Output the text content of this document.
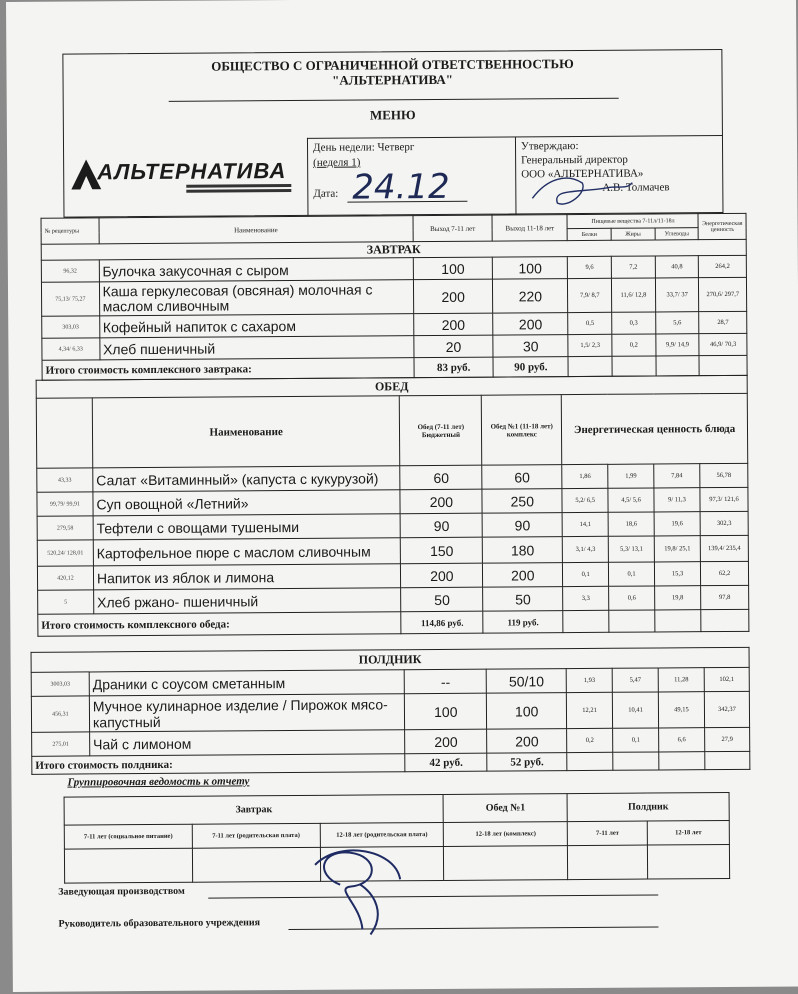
ОБЩЕСТВО С ОГРАНИЧЕННОЙ ОТВЕТСТВЕННОСТЬЮ
"АЛЬТЕРНАТИВА"
МЕНЮ
АЛЬТЕРНАТИВА
День недели: Четверг
(неделя 1)
Дата: 24.12
Утверждаю:
Генеральный директор
ООО «АЛЬТЕРНАТИВА»
А.В. Толмачев
№ рецептуры	Наименование	Выход 7-11 лет	Выход 11-18 лет	Пищевые вещества 7-11л/11-18л			Энергетическая ценность
				Белки	Жиры	Углеводы	
ЗАВТРАК							
96,32	Булочка закусочная с сыром	100	100	9,6	7,2	40,8	264,2
75,13/ 75,27	Каша геркулесовая (овсяная) молочная с маслом сливочным	200	220	7,9/ 8,7	11,6/ 12,8	33,7/ 37	270,6/ 297,7
303,03	Кофейный напиток с сахаром	200	200	0,5	0,3	5,6	28,7
4,34/ 6,33	Хлеб пшеничный	20	30	1,5/ 2,3	0,2	9,9/ 14,9	46,9/ 70,3
Итого стоимость комплексного завтрака:		83 руб.	90 руб.				
ОБЕД							
	Наименование	Обед (7-11 лет) Бюджетный	Обед №1 (11-18 лет) комплекс	Энергетическая ценность блюда			
43,33	Салат «Витаминный» (капуста с кукурузой)	60	60	1,86	1,99	7,84	56,78
99,79/ 99,91	Суп овощной «Летний»	200	250	5,2/ 6,5	4,5/ 5,6	9/ 11,3	97,3/ 121,6
279,58	Тефтели с овощами тушеными	90	90	14,1	18,6	19,6	302,3
520,24/ 128,01	Картофельное пюре с маслом сливочным	150	180	3,1/ 4,3	5,3/ 13,1	19,8/ 25,1	139,4/ 235,4
420,12	Напиток из яблок и лимона	200	200	0,1	0,1	15,3	62,2
5	Хлеб ржано- пшеничный	50	50	3,3	0,6	19,8	97,8
Итого стоимость комплексного обеда:		114,86 руб.	119 руб.				
ПОЛДНИК							
3003,03	Драники с соусом сметанным	--	50/10	1,93	5,47	11,28	102,1
456,31	Мучное кулинарное изделие / Пирожок мясо-капустный	100	100	12,21	10,41	49,15	342,37
275,01	Чай с лимоном	200	200	0,2	0,1	6,6	27,9
Итого стоимость полдника:		42 руб.	52 руб.				
Группировочная ведомость к отчету
Завтрак			Обед №1	Полдник	
7-11 лет (социальное питание)	7-11 лет (родительская плата)	12-18 лет (родительская плата)	12-18 лет (комплекс)	7-11 лет	12-18 лет

Заведующая производством
Руководитель образовательного учреждения
